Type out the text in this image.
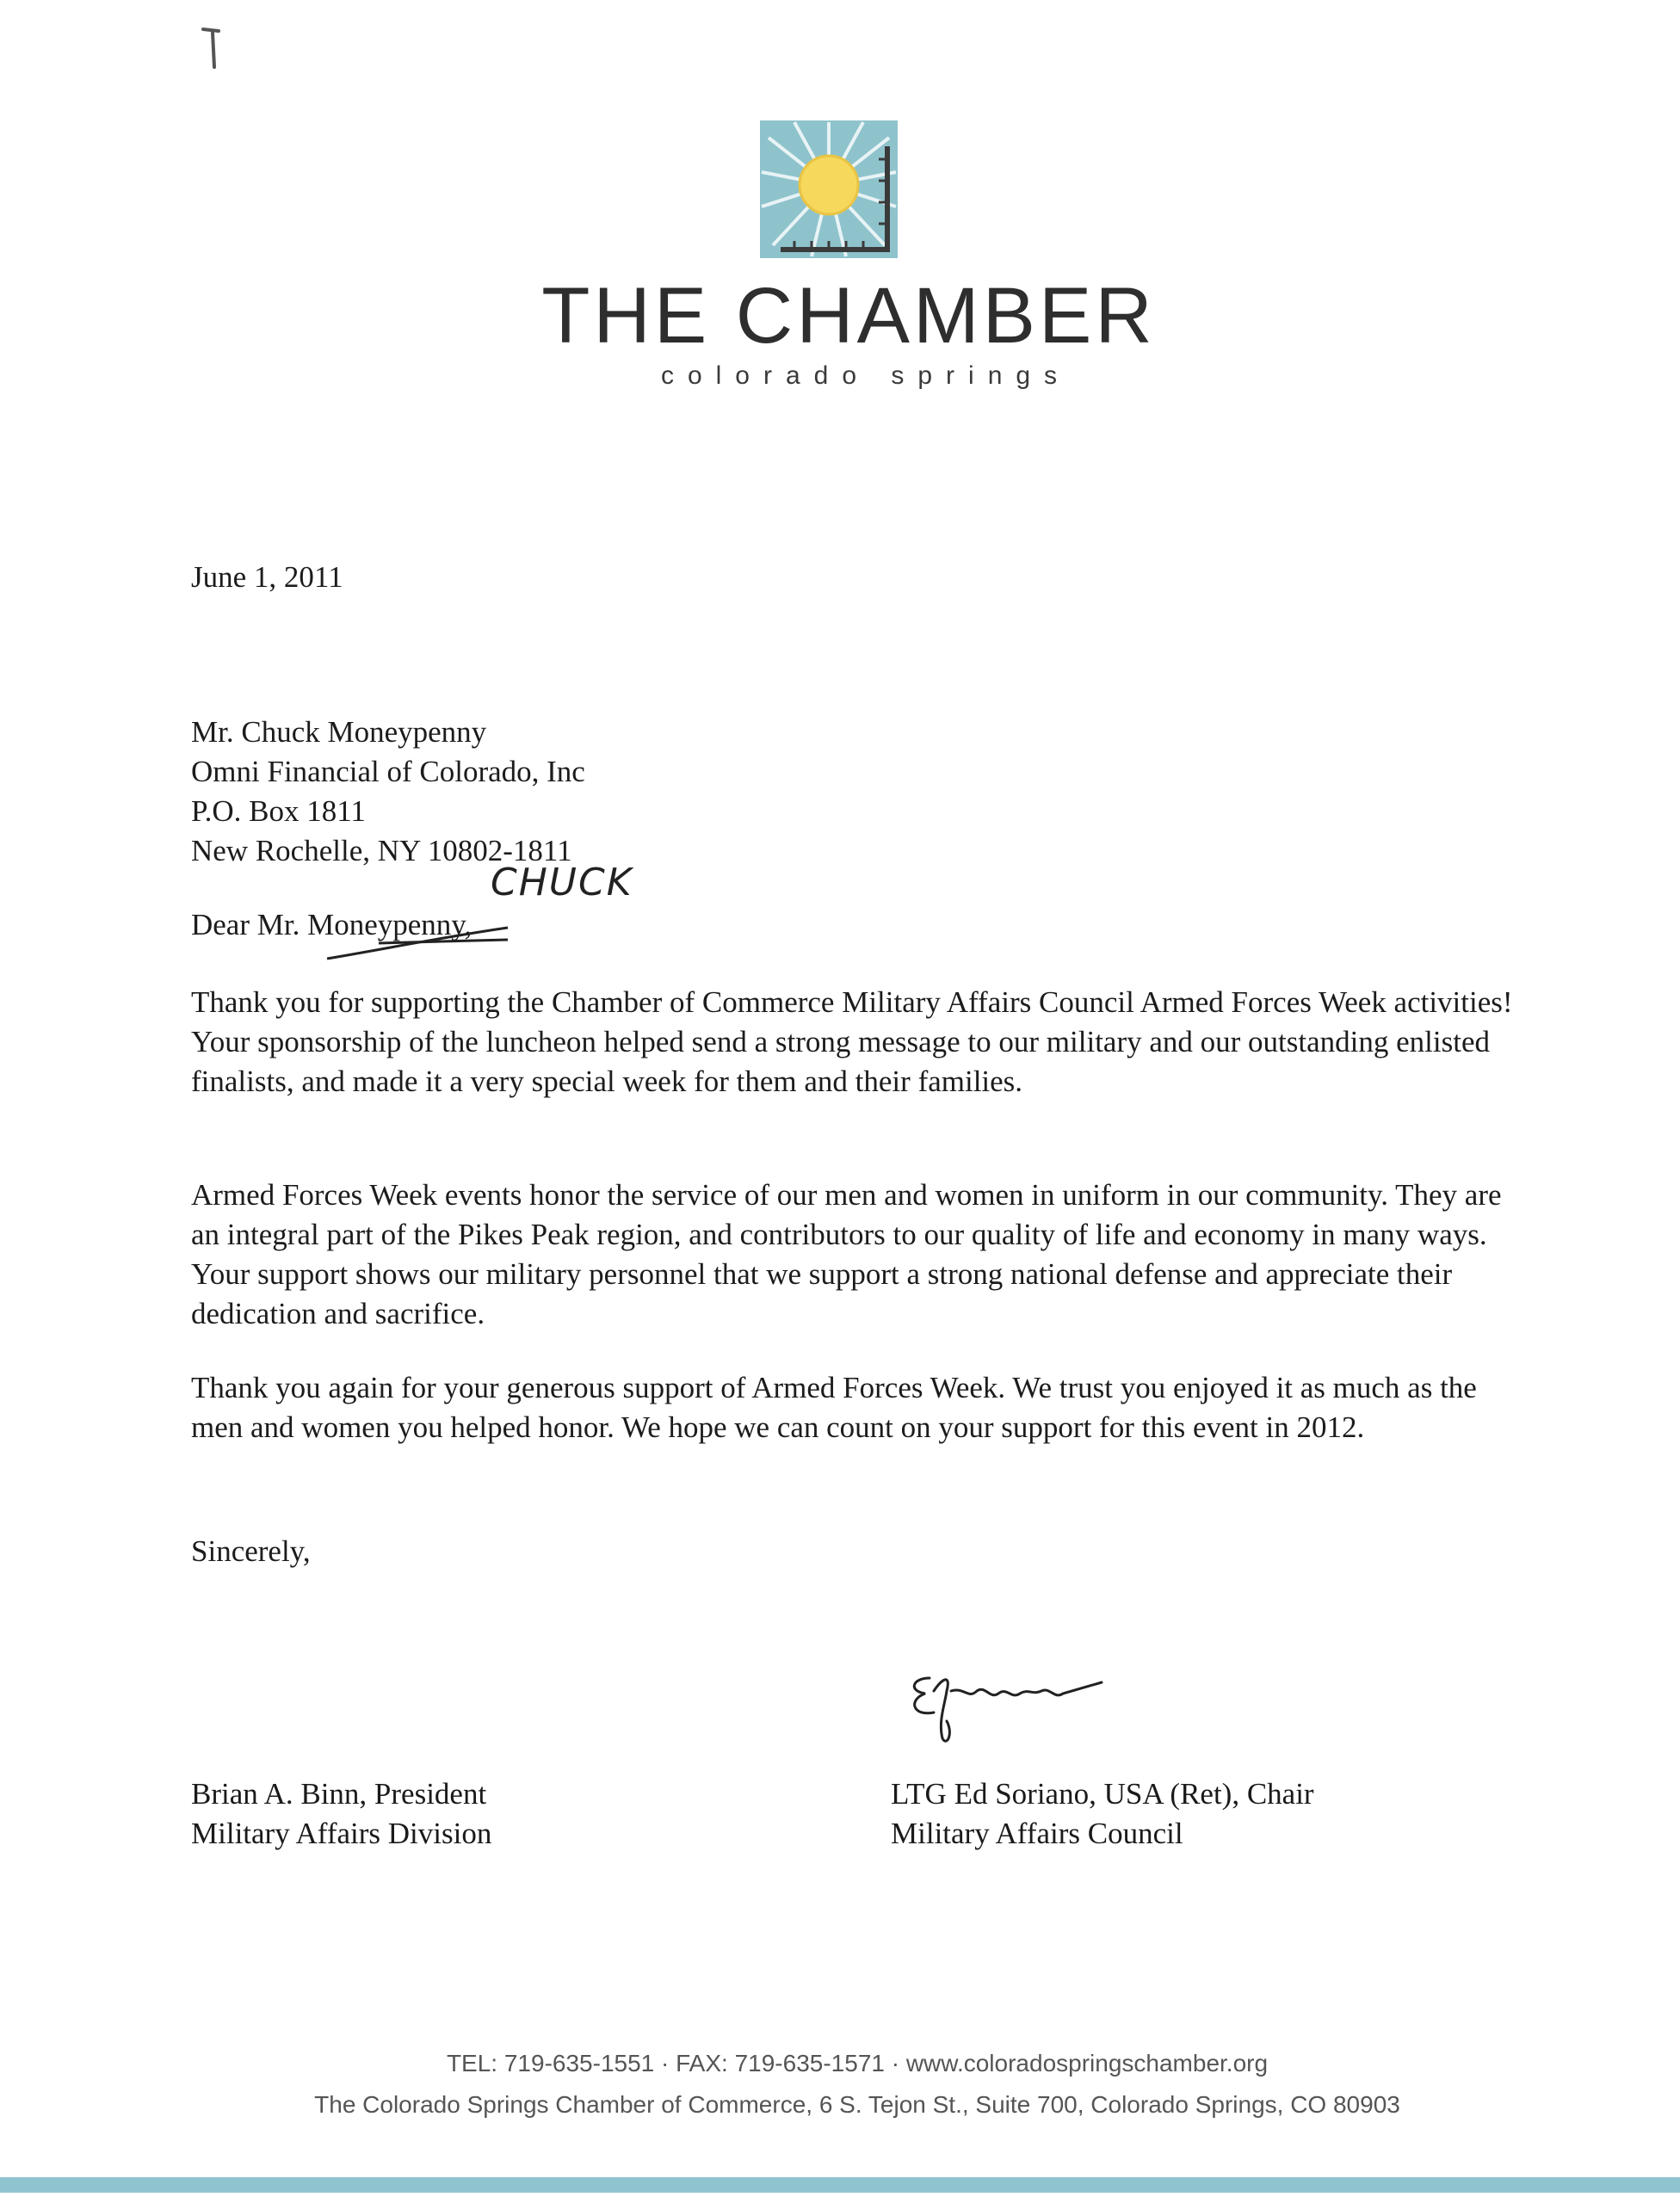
THE CHAMBER
colorado springs
June 1, 2011
Mr. Chuck Moneypenny
Omni Financial of Colorado, Inc
P.O. Box 1811
New Rochelle, NY 10802-1811
CHUCK
Dear Mr. Moneypenny,
Thank you for supporting the Chamber of Commerce Military Affairs Council Armed Forces Week activities! Your sponsorship of the luncheon helped send a strong message to our military and our outstanding enlisted finalists, and made it a very special week for them and their families.
Armed Forces Week events honor the service of our men and women in uniform in our community. They are an integral part of the Pikes Peak region, and contributors to our quality of life and economy in many ways. Your support shows our military personnel that we support a strong national defense and appreciate their dedication and sacrifice.
Thank you again for your generous support of Armed Forces Week. We trust you enjoyed it as much as the men and women you helped honor. We hope we can count on your support for this event in 2012.
Sincerely,
Brian A. Binn, President
Military Affairs Division
LTG Ed Soriano, USA (Ret), Chair
Military Affairs Council
TEL: 719-635-1551 · FAX: 719-635-1571 · www.coloradospringschamber.org
The Colorado Springs Chamber of Commerce, 6 S. Tejon St., Suite 700, Colorado Springs, CO 80903
